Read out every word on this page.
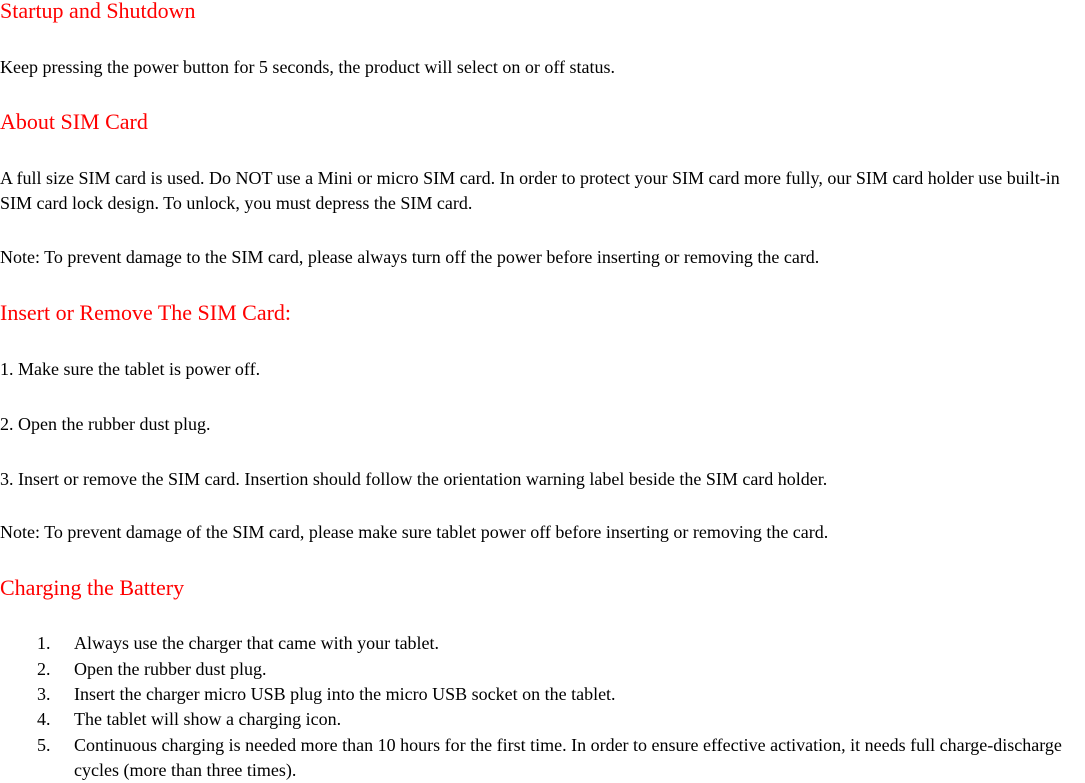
Startup and Shutdown
Keep pressing the power button for 5 seconds, the product will select on or off status.
About SIM Card
A full size SIM card is used. Do NOT use a Mini or micro SIM card. In order to protect your SIM card more fully, our SIM card holder use built-in SIM card lock design. To unlock, you must depress the SIM card.
Note: To prevent damage to the SIM card, please always turn off the power before inserting or removing the card.
Insert or Remove The SIM Card:
1. Make sure the tablet is power off.
2. Open the rubber dust plug.
3. Insert or remove the SIM card. Insertion should follow the orientation warning label beside the SIM card holder.
Note: To prevent damage of the SIM card, please make sure tablet power off before inserting or removing the card.
Charging the Battery
1. Always use the charger that came with your tablet.
2. Open the rubber dust plug.
3. Insert the charger micro USB plug into the micro USB socket on the tablet.
4. The tablet will show a charging icon.
5. Continuous charging is needed more than 10 hours for the first time. In order to ensure effective activation, it needs full charge-discharge cycles (more than three times).
